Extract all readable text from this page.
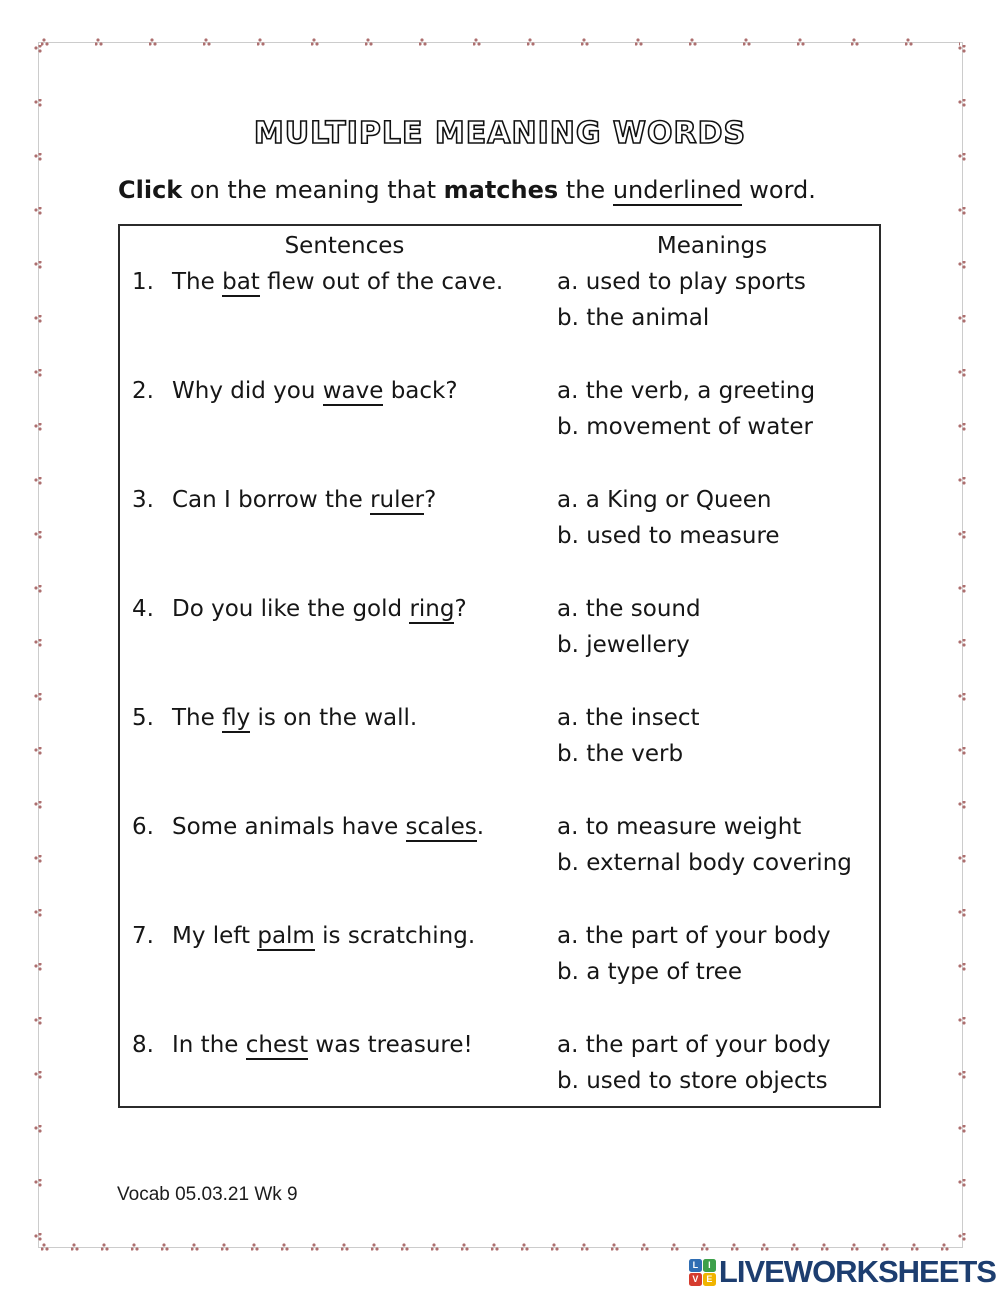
MULTIPLE MEANING WORDS

Click on the meaning that matches the underlined word.

Sentences	Meanings
1. The bat flew out of the cave. a. used to play sports
b. the animal
2. Why did you wave back?	a. the verb, a greeting
b. movement of water
3. Can I borrow the ruler?	a. a King or Queen
b. used to measure
4. Do you like the gold ring?	a. the sound
b. jewellery
5. The fly is on the wall.	a. the insect
b. the verb
6. Some animals have scales.	a. to measure weight
b. external body covering
7. My left palm is scratching.	a. the part of your body
b. a type of tree
8. In the chest was treasure!	a. the part of your body
b. used to store objects
Vocab 05.03.21 Wk 9
L	I
V E LIVEWORKSHEETS
